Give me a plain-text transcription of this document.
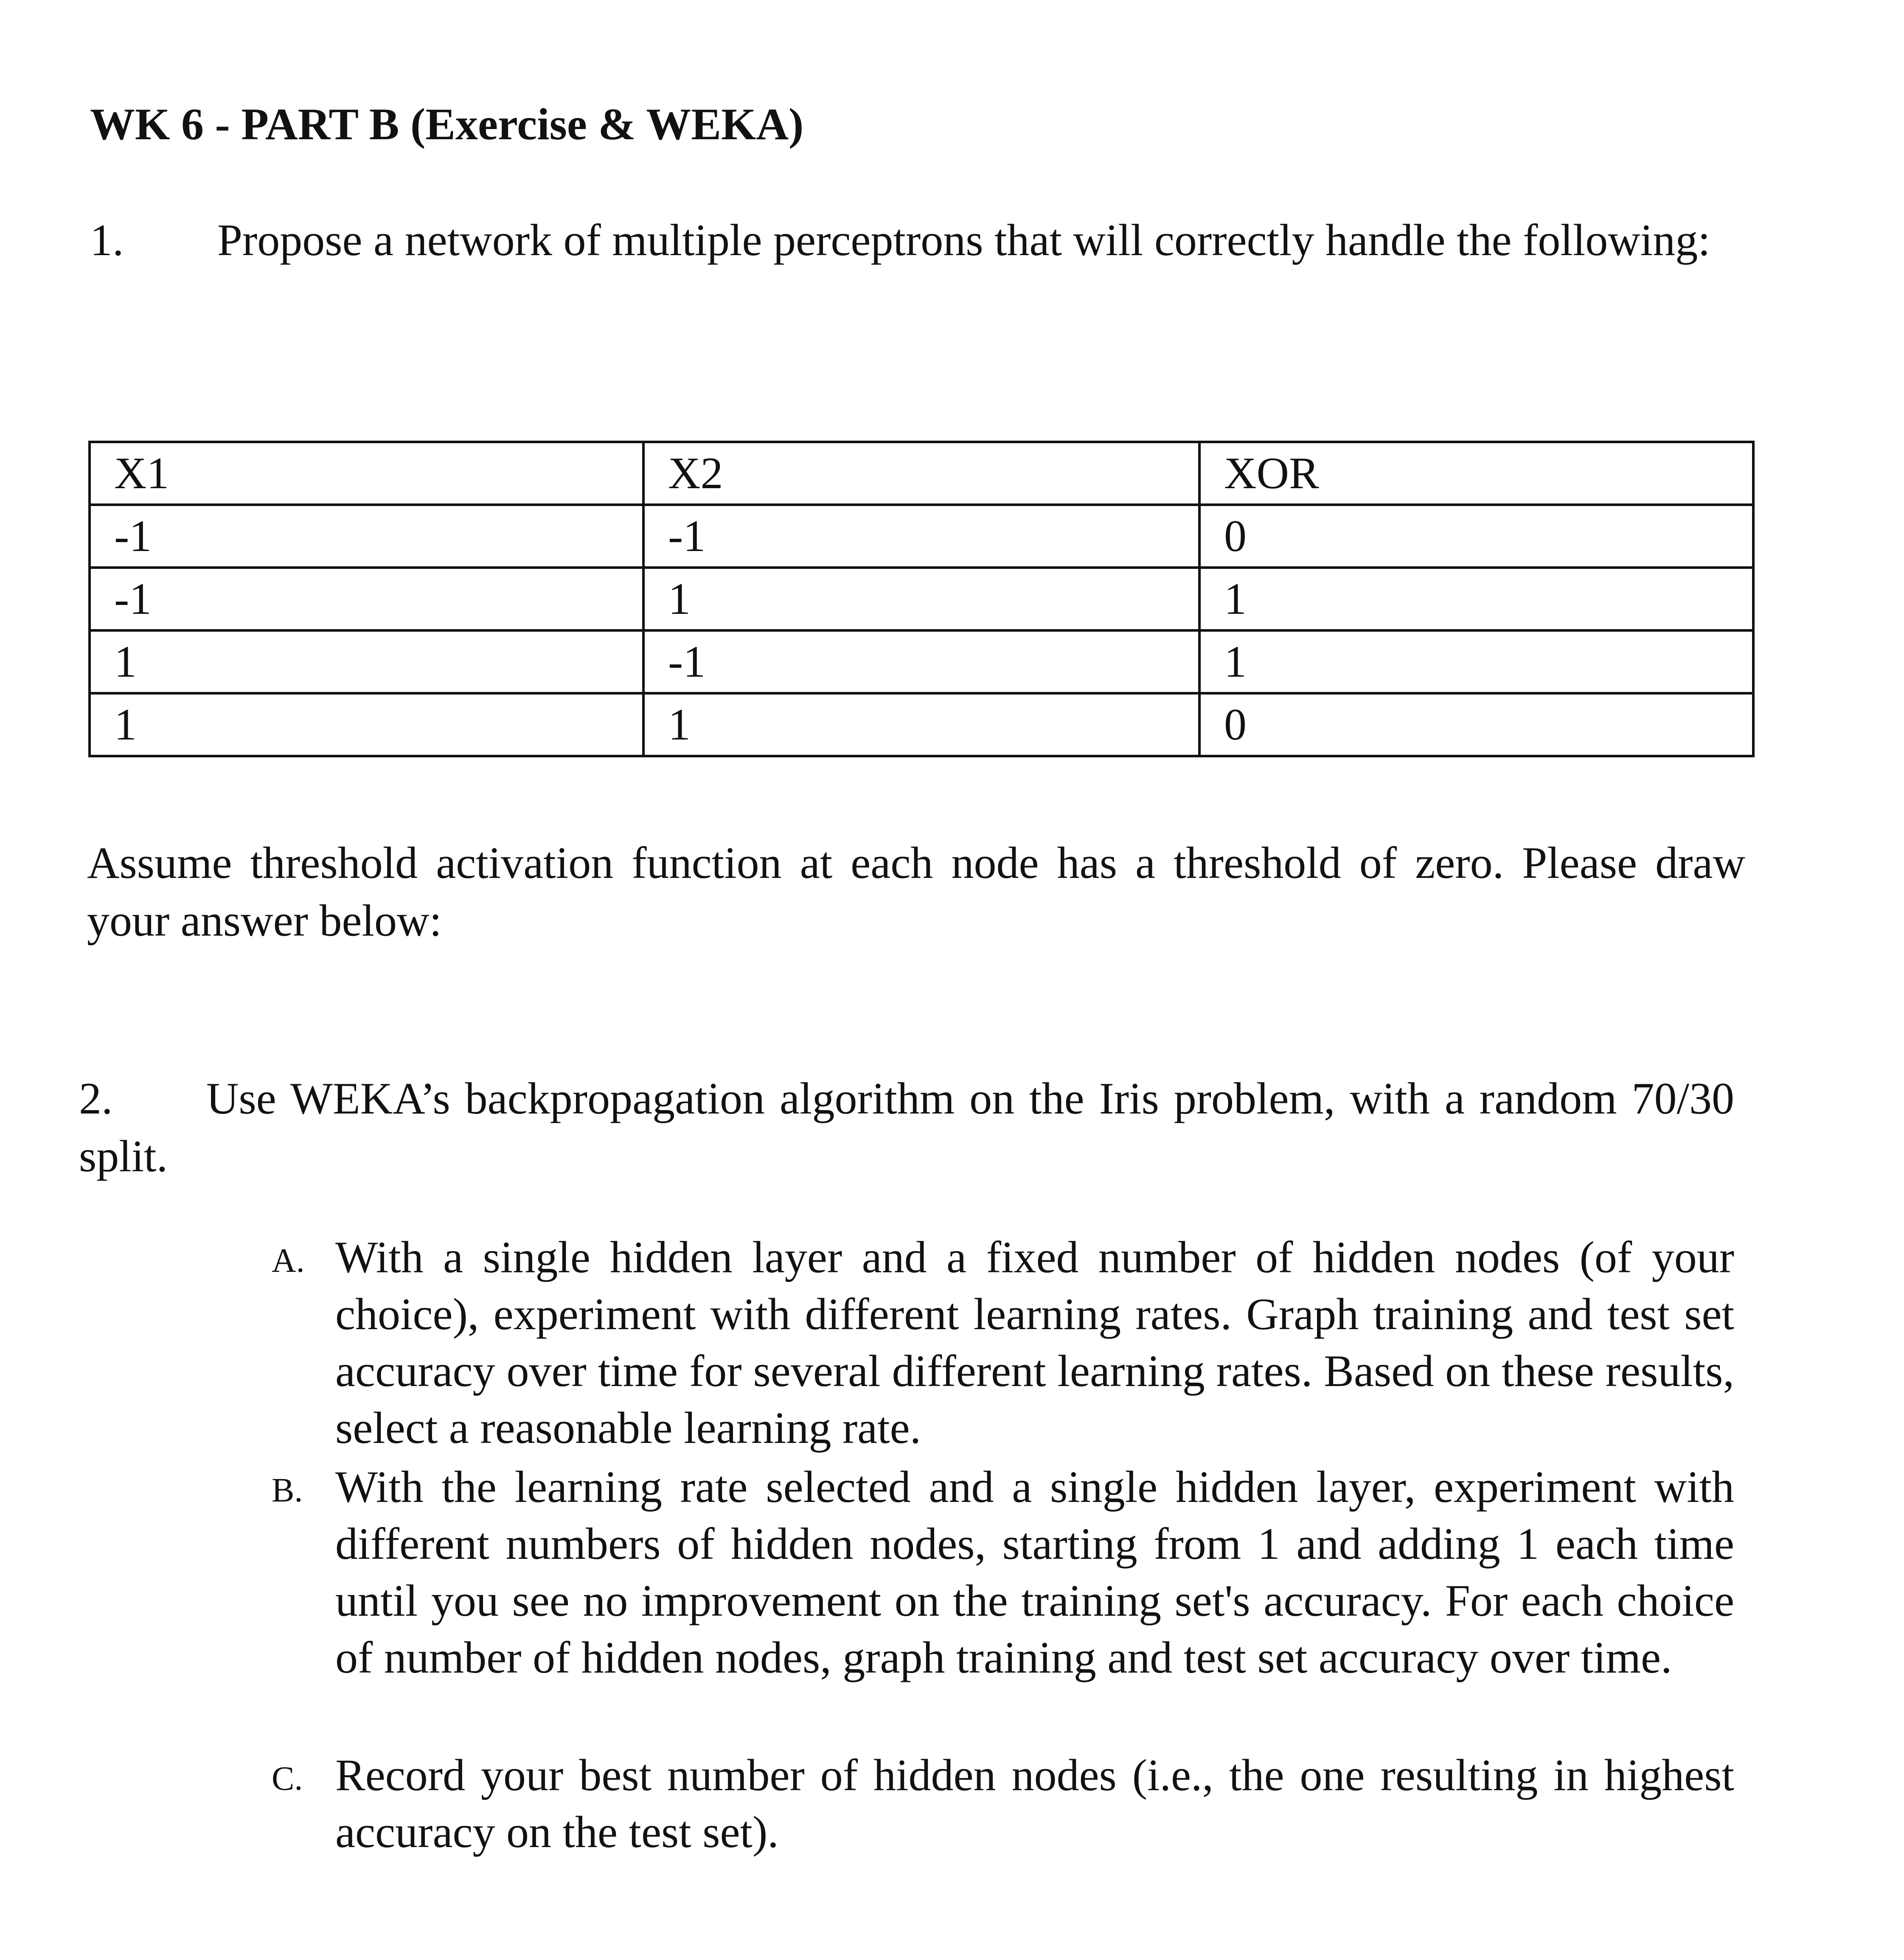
WK 6 - PART B (Exercise & WEKA)
1. Propose a network of multiple perceptrons that will correctly handle the following:
X1	X2	XOR
-1	-1	0
-1	1	1
1	-1	1
1	1	0
Assume threshold activation function at each node has a threshold of zero. Please draw your answer below:
2. Use WEKA’s backpropagation algorithm on the Iris problem, with a random 70/30 split.
A. With a single hidden layer and a fixed number of hidden nodes (of your choice), experiment with different learning rates. Graph training and test set accuracy over time for several different learning rates. Based on these results, select a reasonable learning rate.
B. With the learning rate selected and a single hidden layer, experiment with different numbers of hidden nodes, starting from 1 and adding 1 each time until you see no improvement on the training set's accuracy. For each choice of number of hidden nodes, graph training and test set accuracy over time.
C. Record your best number of hidden nodes (i.e., the one resulting in highest accuracy on the test set).
